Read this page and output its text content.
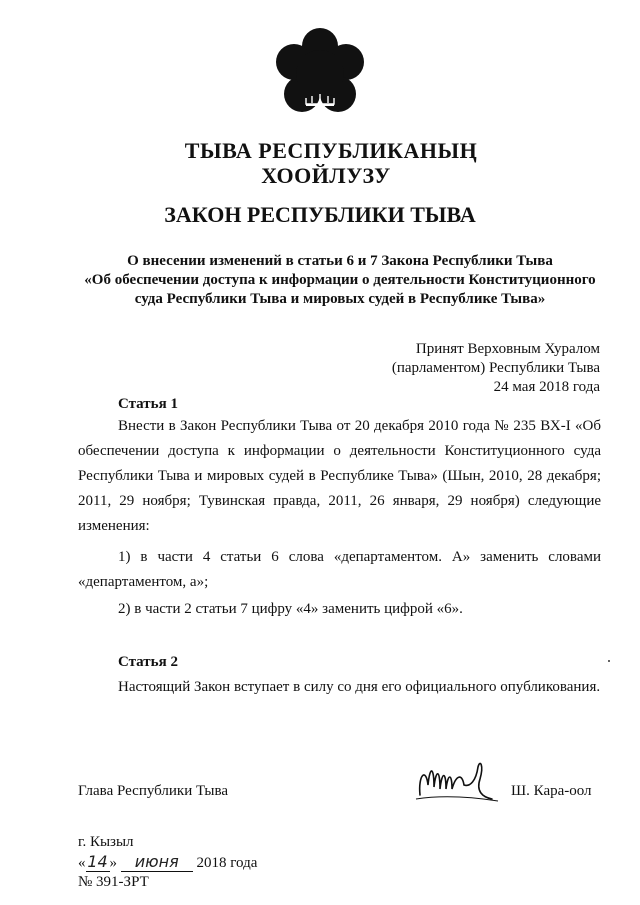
ТЫВА РЕСПУБЛИКАНЫҢ
ХООЙЛУЗУ
ЗАКОН РЕСПУБЛИКИ ТЫВА
О внесении изменений в статьи 6 и 7 Закона Республики Тыва
«Об обеспечении доступа к информации о деятельности Конституционного
суда Республики Тыва и мировых судей в Республике Тыва»
Принят Верховным Хуралом
(парламентом) Республики Тыва
24 мая 2018 года
Статья 1
Внести в Закон Республики Тыва от 20 декабря 2010 года № 235 ВХ-I «Об обеспечении доступа к информации о деятельности Конституционного суда Республики Тыва и мировых судей в Республике Тыва» (Шын, 2010, 28 декабря; 2011, 29 ноября; Тувинская правда, 2011, 26 января, 29 ноября) следующие изменения:
1) в части 4 статьи 6 слова «департаментом. А» заменить словами «департаментом, а»;
2) в части 2 статьи 7 цифру «4» заменить цифрой «6».
Статья 2
Настоящий Закон вступает в силу со дня его официального опубликования.
Глава Республики Тыва	Ш. Кара-оол
г. Кызыл
« 14 » июня 2018 года
№ 391-ЗРТ
